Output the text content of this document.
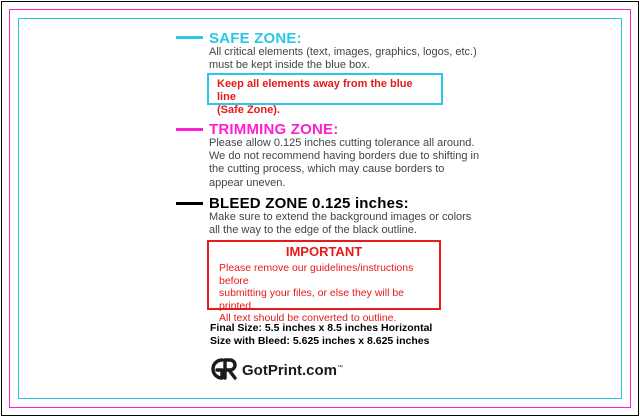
SAFE ZONE:
All critical elements (text, images, graphics, logos, etc.)
must be kept inside the blue box.
Keep all elements away from the blue line
(Safe Zone).
TRIMMING ZONE:
Please allow 0.125 inches cutting tolerance all around.
We do not recommend having borders due to shifting in
the cutting process, which may cause borders to
appear uneven.
BLEED ZONE 0.125 inches:
Make sure to extend the background images or colors
all the way to the edge of the black outline.
IMPORTANT
Please remove our guidelines/instructions before
submitting your files, or else they will be printed.
All text should be converted to outline.
Final Size: 5.5 inches x 8.5 inches Horizontal
Size with Bleed: 5.625 inches x 8.625 inches
GotPrint.com™
